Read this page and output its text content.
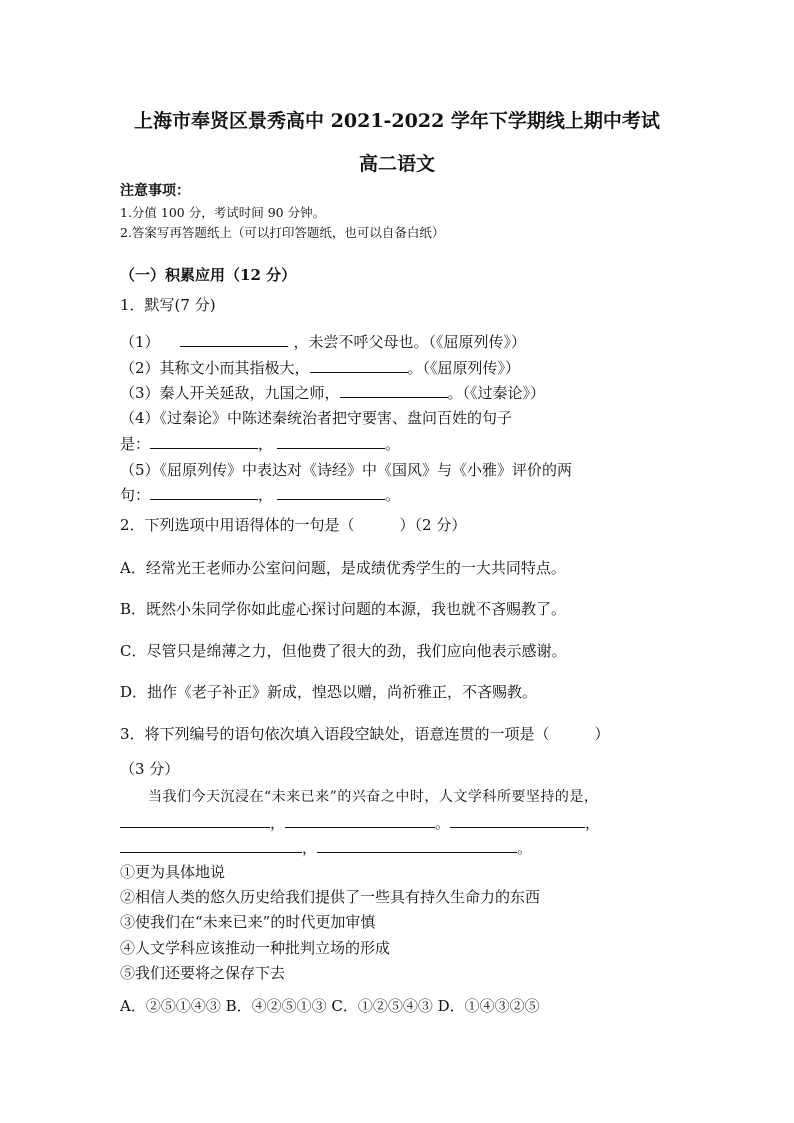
上海市奉贤区景秀高中 2021-2022 学年下学期线上期中考试
高二语文
注意事项：
1.分值 100 分，考试时间 90 分钟。
2.答案写再答题纸上（可以打印答题纸，也可以自备白纸）
（一）积累应用（12 分）
1．默写(7 分)
（1）	，未尝不呼父母也。（《屈原列传》）
（2）其称文小而其指极大，	。（《屈原列传》）
（3）秦人开关延敌，九国之师，	。（《过秦论》）
（4）《过秦论》中陈述秦统治者把守要害、盘问百姓的句子
是：	，	。
（5）《屈原列传》中表达对《诗经》中《国风》与《小雅》评价的两
句：	，	。
2．下列选项中用语得体的一句是（　　　）（2 分）
A．经常光王老师办公室问问题，是成绩优秀学生的一大共同特点。
B．既然小朱同学你如此虚心探讨问题的本源，我也就不吝赐教了。
C．尽管只是绵薄之力，但他费了很大的劲，我们应向他表示感谢。
D．拙作《老子补正》新成，惶恐以赠，尚祈雅正，不吝赐教。
3．将下列编号的语句依次填入语段空缺处，语意连贯的一项是（　　　）
（3 分）
当我们今天沉浸在“未来已来”的兴奋之中时，人文学科所要坚持的是，
，	。	，
，	。
①更为具体地说
②相信人类的悠久历史给我们提供了一些具有持久生命力的东西
③使我们在“未来已来”的时代更加审慎
④人文学科应该推动一种批判立场的形成
⑤我们还要将之保存下去
A．②⑤①④③ B．④②⑤①③ C．①②⑤④③ D．①④③②⑤
